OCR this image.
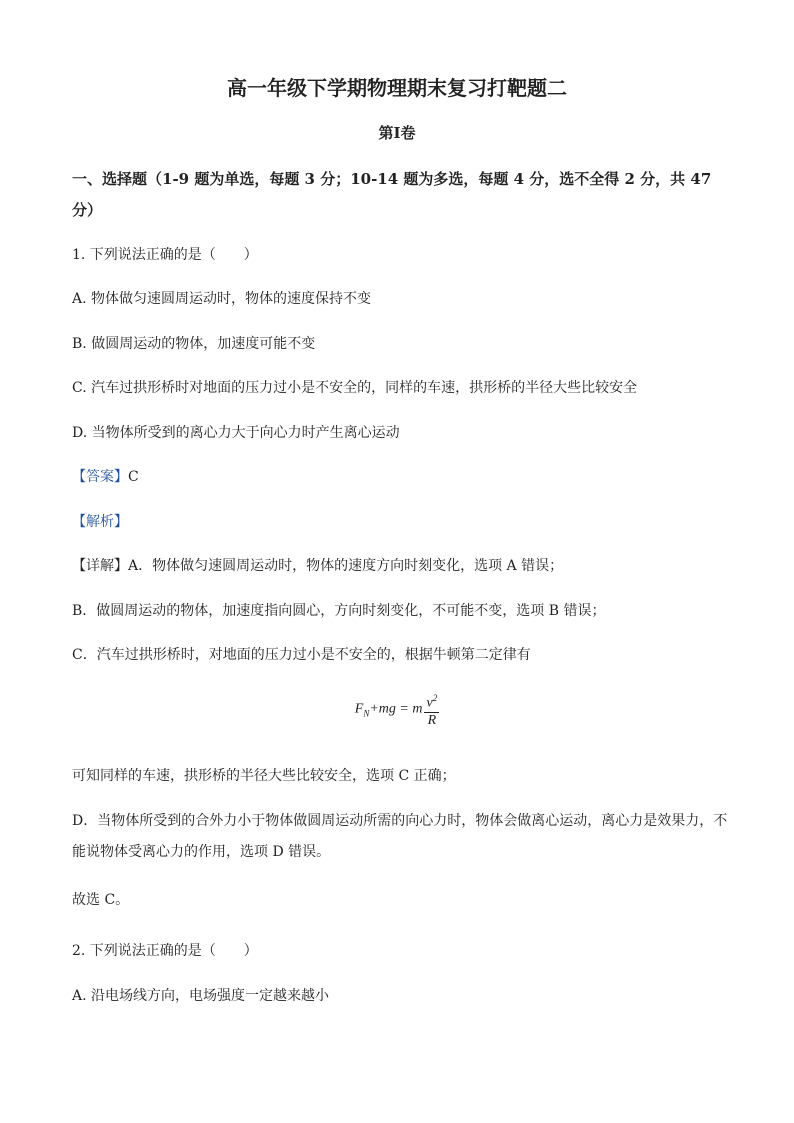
高一年级下学期物理期末复习打靶题二
第I卷
一、选择题（1-9 题为单选，每题 3 分；10-14 题为多选，每题 4 分，选不全得 2 分，共 47
分）
1. 下列说法正确的是（　　）
A. 物体做匀速圆周运动时，物体的速度保持不变
B. 做圆周运动的物体，加速度可能不变
C. 汽车过拱形桥时对地面的压力过小是不安全的，同样的车速，拱形桥的半径大些比较安全
D. 当物体所受到的离心力大于向心力时产生离心运动
【答案】C
【解析】
【详解】A．物体做匀速圆周运动时，物体的速度方向时刻变化，选项 A 错误；
B．做圆周运动的物体，加速度指向圆心，方向时刻变化，不可能不变，选项 B 错误；
C．汽车过拱形桥时，对地面的压力过小是不安全的，根据牛顿第二定律有
$F_N+mg = m \frac{v^2}{R}$
可知同样的车速，拱形桥的半径大些比较安全，选项 C 正确；
D．当物体所受到的合外力小于物体做圆周运动所需的向心力时，物体会做离心运动，离心力是效果力，不
能说物体受离心力的作用，选项 D 错误。
故选 C。
2. 下列说法正确的是（　　）
A. 沿电场线方向，电场强度一定越来越小
